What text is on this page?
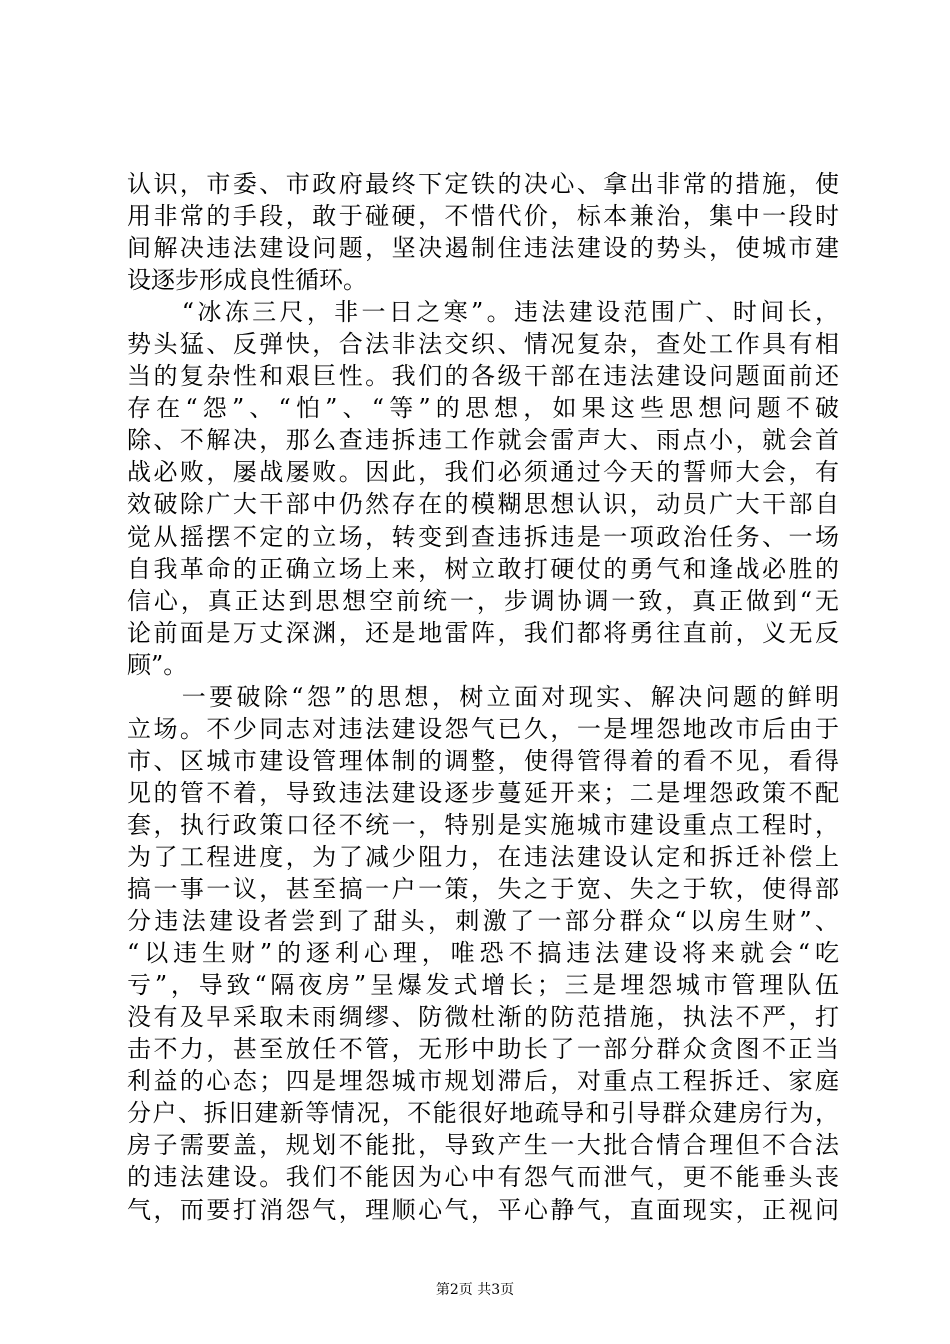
认识，市委、市政府最终下定铁的决心、拿出非常的措施，使
用非常的手段，敢于碰硬，不惜代价，标本兼治，集中一段时
间解决违法建设问题，坚决遏制住违法建设的势头，使城市建
设逐步形成良性循环。
　　“冰冻三尺，非一日之寒”。违法建设范围广、时间长，
势头猛、反弹快，合法非法交织、情况复杂，查处工作具有相
当的复杂性和艰巨性。我们的各级干部在违法建设问题面前还
存在“怨”、“怕”、“等”的思想，如果这些思想问题不破
除、不解决，那么查违拆违工作就会雷声大、雨点小，就会首
战必败，屡战屡败。因此，我们必须通过今天的誓师大会，有
效破除广大干部中仍然存在的模糊思想认识，动员广大干部自
觉从摇摆不定的立场，转变到查违拆违是一项政治任务、一场
自我革命的正确立场上来，树立敢打硬仗的勇气和逢战必胜的
信心，真正达到思想空前统一，步调协调一致，真正做到“无
论前面是万丈深渊，还是地雷阵，我们都将勇往直前，义无反
顾”。
　　一要破除“怨”的思想，树立面对现实、解决问题的鲜明
立场。不少同志对违法建设怨气已久，一是埋怨地改市后由于
市、区城市建设管理体制的调整，使得管得着的看不见，看得
见的管不着，导致违法建设逐步蔓延开来；二是埋怨政策不配
套，执行政策口径不统一，特别是实施城市建设重点工程时，
为了工程进度，为了减少阻力，在违法建设认定和拆迁补偿上
搞一事一议，甚至搞一户一策，失之于宽、失之于软，使得部
分违法建设者尝到了甜头，刺激了一部分群众“以房生财”、
“以违生财”的逐利心理，唯恐不搞违法建设将来就会“吃
亏”，导致“隔夜房”呈爆发式增长；三是埋怨城市管理队伍
没有及早采取未雨绸缪、防微杜渐的防范措施，执法不严，打
击不力，甚至放任不管，无形中助长了一部分群众贪图不正当
利益的心态；四是埋怨城市规划滞后，对重点工程拆迁、家庭
分户、拆旧建新等情况，不能很好地疏导和引导群众建房行为，
房子需要盖，规划不能批，导致产生一大批合情合理但不合法
的违法建设。我们不能因为心中有怨气而泄气，更不能垂头丧
气，而要打消怨气，理顺心气，平心静气，直面现实，正视问
第2页 共3页
